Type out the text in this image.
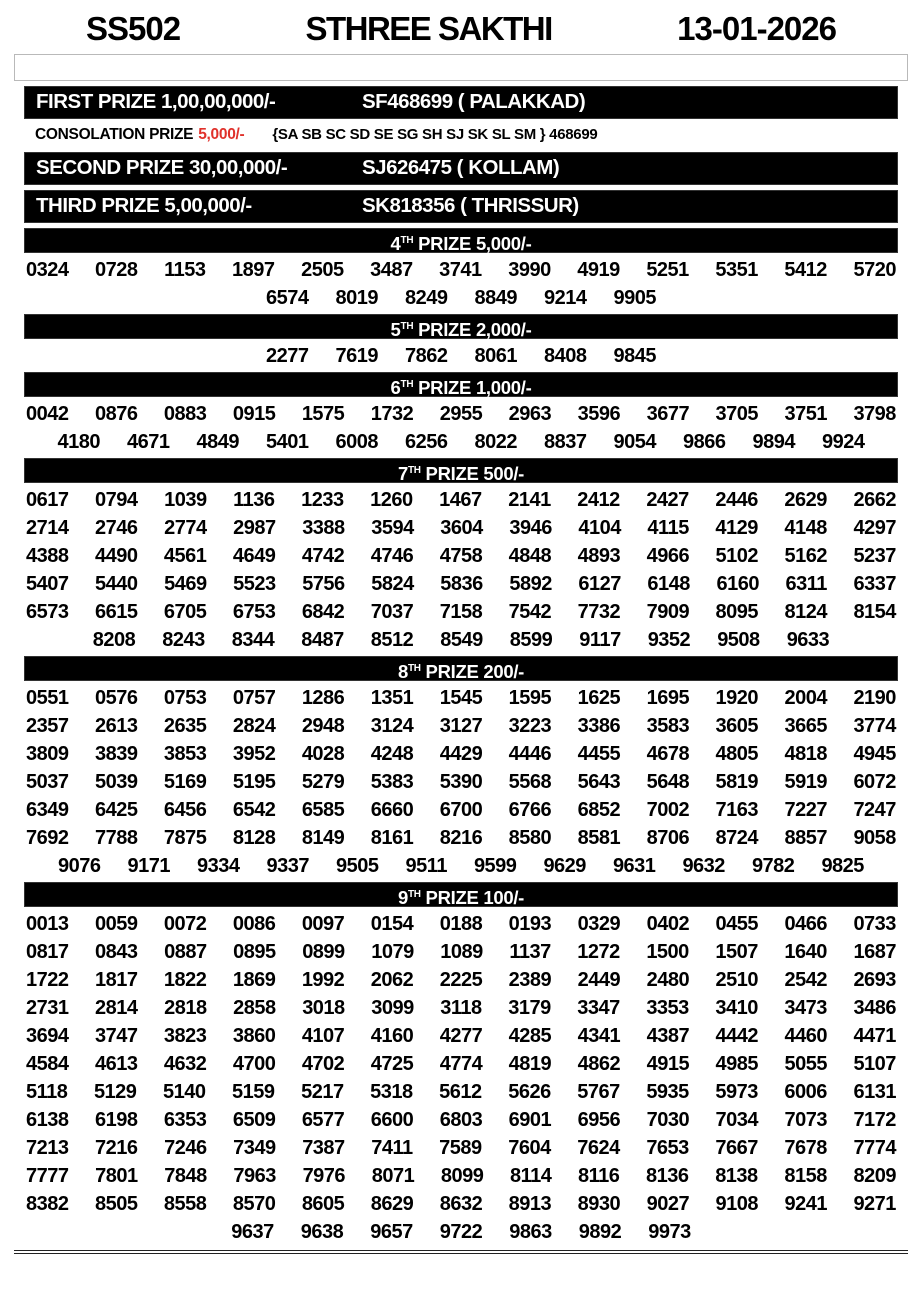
SS502	STHREE SAKTHI	13-01-2026
FIRST PRIZE 1,00,00,000/-	SF468699 ( PALAKKAD)
CONSOLATION PRIZE 5,000/- {SA SB SC SD SE SG SH SJ SK SL SM } 468699
SECOND PRIZE 30,00,000/-	SJ626475 ( KOLLAM)
THIRD PRIZE 5,00,000/-	SK818356 ( THRISSUR)
4TH PRIZE 5,000/-
0324 0728 1153 1897 2505 3487 3741 3990 4919 5251 5351 5412 5720
6574 8019 8249 8849 9214 9905
5TH PRIZE 2,000/-
2277 7619 7862 8061 8408 9845
6TH PRIZE 1,000/-
0042 0876 0883 0915 1575 1732 2955 2963 3596 3677 3705 3751 3798
4180 4671 4849 5401 6008 6256 8022 8837 9054 9866 9894 9924
7TH PRIZE 500/-
0617 0794 1039 1136 1233 1260 1467 2141 2412 2427 2446 2629 2662
2714 2746 2774 2987 3388 3594 3604 3946 4104 4115 4129 4148 4297
4388 4490 4561 4649 4742 4746 4758 4848 4893 4966 5102 5162 5237
5407 5440 5469 5523 5756 5824 5836 5892 6127 6148 6160 6311 6337
6573 6615 6705 6753 6842 7037 7158 7542 7732 7909 8095 8124 8154
8208 8243 8344 8487 8512 8549 8599 9117 9352 9508 9633
8TH PRIZE 200/-
0551 0576 0753 0757 1286 1351 1545 1595 1625 1695 1920 2004 2190
2357 2613 2635 2824 2948 3124 3127 3223 3386 3583 3605 3665 3774
3809 3839 3853 3952 4028 4248 4429 4446 4455 4678 4805 4818 4945
5037 5039 5169 5195 5279 5383 5390 5568 5643 5648 5819 5919 6072
6349 6425 6456 6542 6585 6660 6700 6766 6852 7002 7163 7227 7247
7692 7788 7875 8128 8149 8161 8216 8580 8581 8706 8724 8857 9058
9076 9171 9334 9337 9505 9511 9599 9629 9631 9632 9782 9825
9TH PRIZE 100/-
0013 0059 0072 0086 0097 0154 0188 0193 0329 0402 0455 0466 0733
0817 0843 0887 0895 0899 1079 1089 1137 1272 1500 1507 1640 1687
1722 1817 1822 1869 1992 2062 2225 2389 2449 2480 2510 2542 2693
2731 2814 2818 2858 3018 3099 3118 3179 3347 3353 3410 3473 3486
3694 3747 3823 3860 4107 4160 4277 4285 4341 4387 4442 4460 4471
4584 4613 4632 4700 4702 4725 4774 4819 4862 4915 4985 5055 5107
5118 5129 5140 5159 5217 5318 5612 5626 5767 5935 5973 6006 6131
6138 6198 6353 6509 6577 6600 6803 6901 6956 7030 7034 7073 7172
7213 7216 7246 7349 7387 7411 7589 7604 7624 7653 7667 7678 7774
7777 7801 7848 7963 7976 8071 8099 8114 8116 8136 8138 8158 8209
8382 8505 8558 8570 8605 8629 8632 8913 8930 9027 9108 9241 9271
9637 9638 9657 9722 9863 9892 9973
